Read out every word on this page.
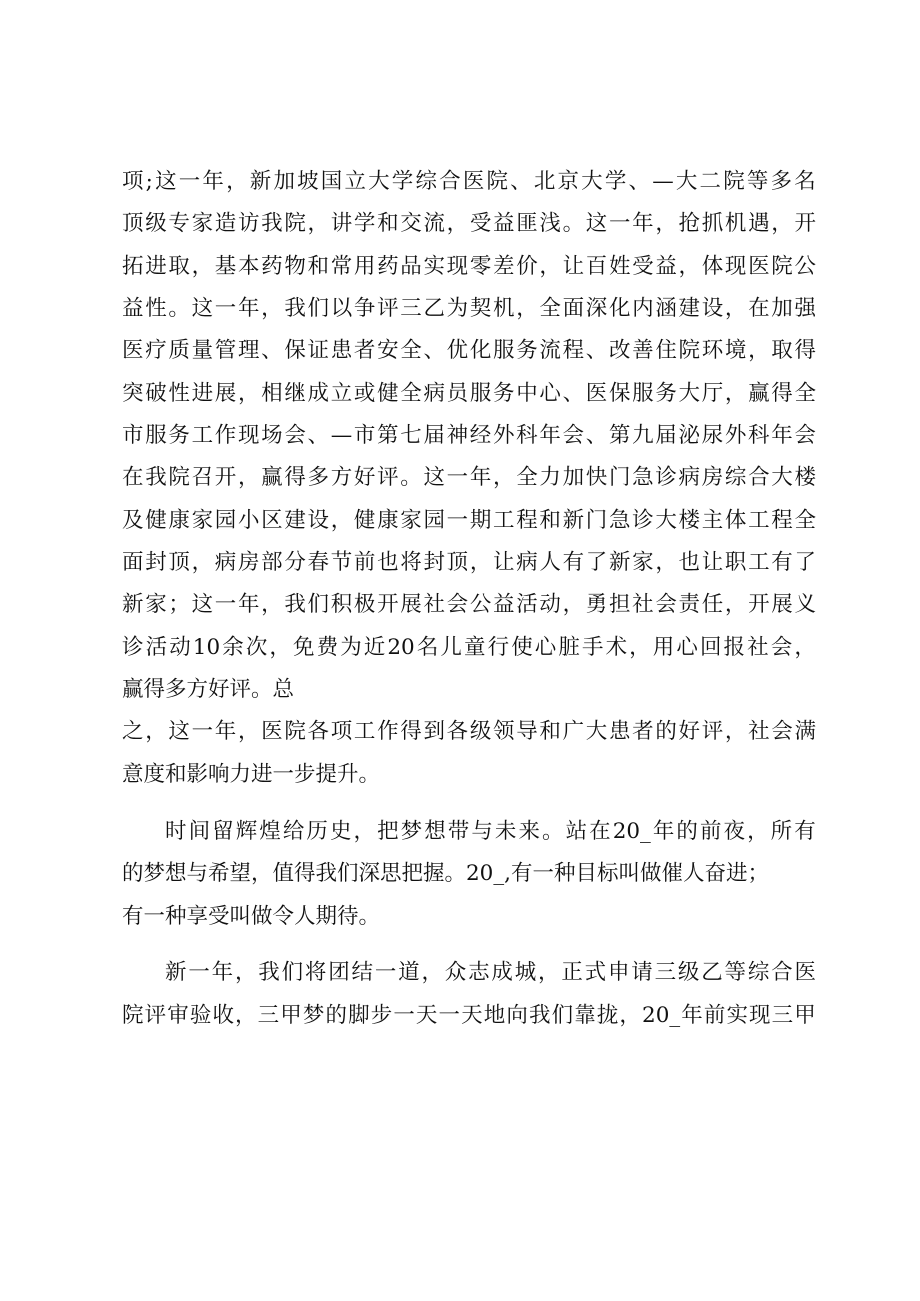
项 ; 这 一 年 ， 新 加 坡 国 立 大 学 综 合 医 院 、 北 京 大 学 、 — 大 二 院 等 多 名
顶 级 专 家 造 访 我 院 ， 讲 学 和 交 流 ， 受 益 匪 浅 。 这 一 年 ， 抢 抓 机 遇 ， 开
拓 进 取 ， 基 本 药 物 和 常 用 药 品 实 现 零 差 价 ， 让 百 姓 受 益 ， 体 现 医 院 公
益 性 。 这 一 年 ， 我 们 以 争 评 三 乙 为 契 机 ， 全 面 深 化 内 涵 建 设 ， 在 加 强
医 疗 质 量 管 理 、 保 证 患 者 安 全 、 优 化 服 务 流 程 、 改 善 住 院 环 境 ， 取 得
突 破 性 进 展 ， 相 继 成 立 或 健 全 病 员 服 务 中 心 、 医 保 服 务 大 厅 ， 赢 得 全
市 服 务 工 作 现 场 会 、 — 市 第 七 届 神 经 外 科 年 会 、 第 九 届 泌 尿 外 科 年 会
在 我 院 召 开 ， 赢 得 多 方 好 评 。 这 一 年 ， 全 力 加 快 门 急 诊 病 房 综 合 大 楼
及 健 康 家 园 小 区 建 设 ， 健 康 家 园 一 期 工 程 和 新 门 急 诊 大 楼 主 体 工 程 全
面 封 顶 ， 病 房 部 分 春 节 前 也 将 封 顶 ， 让 病 人 有 了 新 家 ， 也 让 职 工 有 了
新 家 ； 这 一 年 ， 我 们 积 极 开 展 社 会 公 益 活 动 ， 勇 担 社 会 责 任 ， 开 展 义
诊 活 动 10 余 次 ， 免 费 为 近 20 名 儿 童 行 使 心 脏 手 术 ， 用 心 回 报 社 会 ，
赢得多方好评。总
之 ， 这 一 年 ， 医 院 各 项 工 作 得 到 各 级 领 导 和 广 大 患 者 的 好 评 ， 社 会 满
意度和影响力进一步提升。
时 间 留 辉 煌 给 历 史 ， 把 梦 想 带 与 未 来 。 站 在 20_ 年 的 前 夜 ， 所 有
的梦想与希望，值得我们深思把握。20_,有一种目标叫做催人奋进；
有一种享受叫做令人期待。
新 一 年 ， 我 们 将 团 结 一 道 ， 众 志 成 城 ， 正 式 申 请 三 级 乙 等 综 合 医
院 评 审 验 收 ， 三 甲 梦 的 脚 步 一 天 一 天 地 向 我 们 靠 拢 ， 20_ 年 前 实 现 三 甲
